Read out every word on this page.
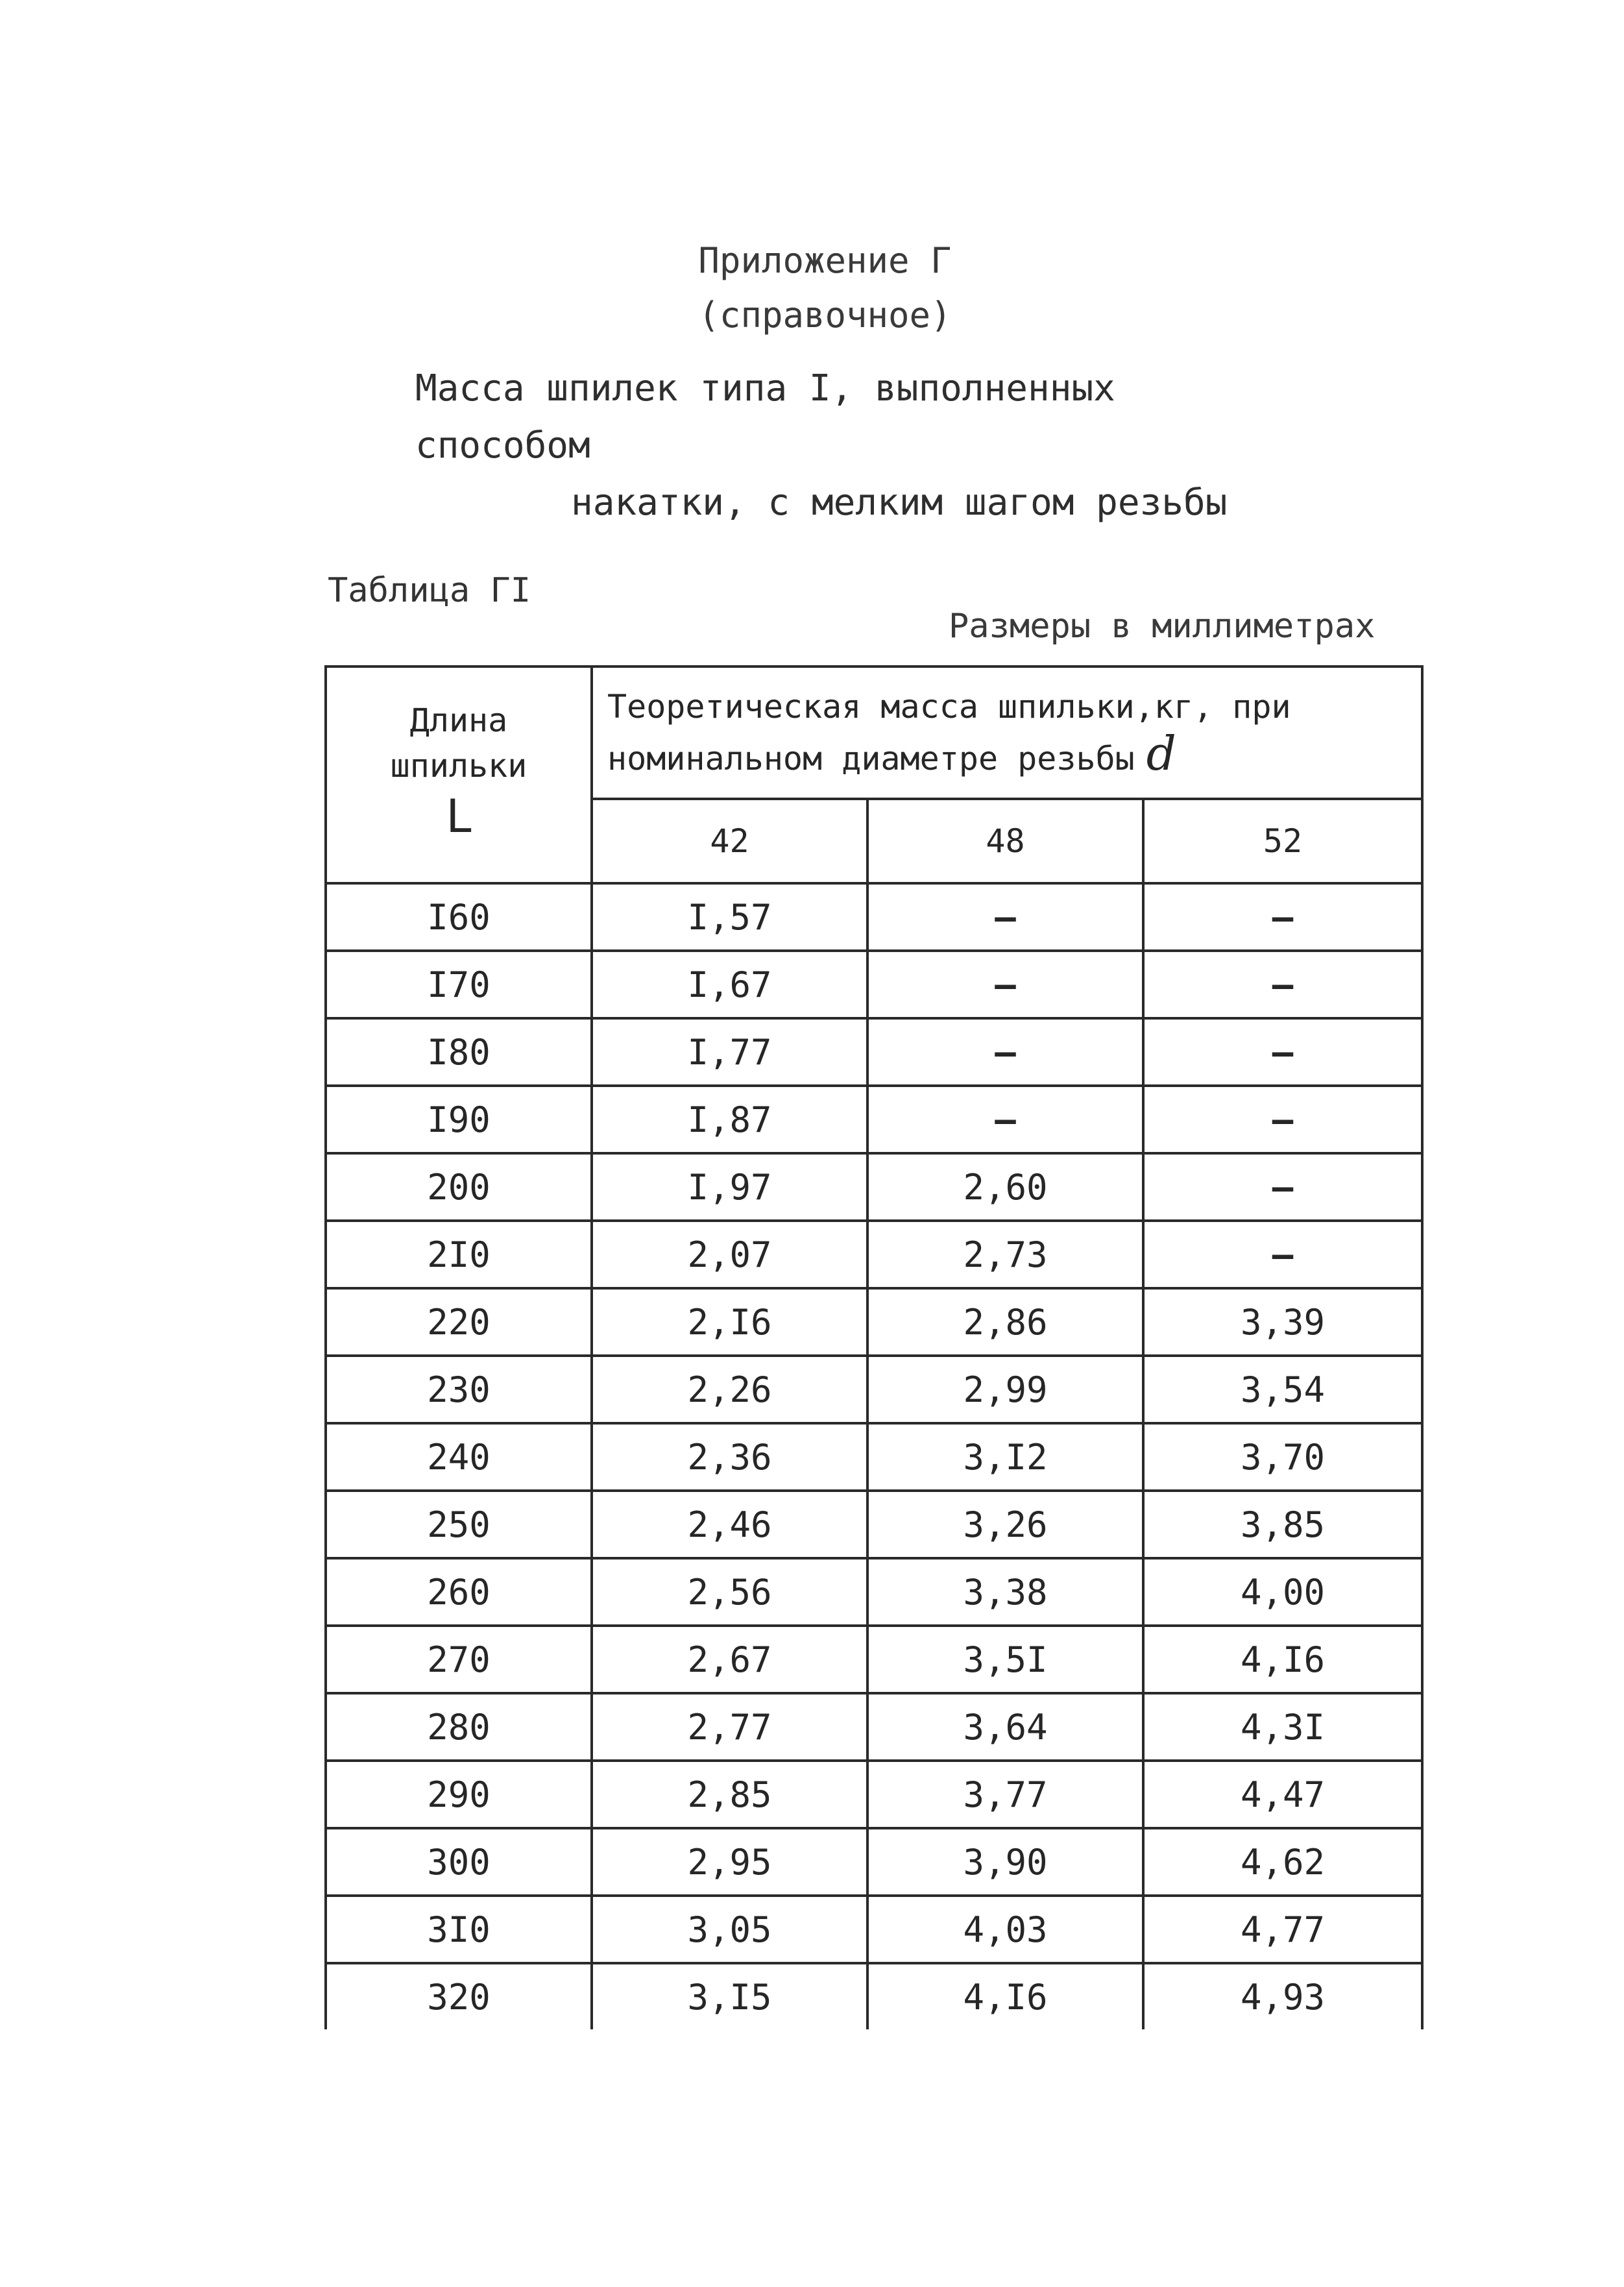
Приложение Г
(справочное)
Масса шпилек типа I, выполненных способом
накатки, с мелким шагом резьбы
Таблица ГI
Размеры в миллиметрах
Длина
шпильки
L	Теоретическая масса шпильки,кг, при
номинальном диаметре резьбы d		
	42	48	52
I60	I,57	–	–
I70	I,67	–	–
I80	I,77	–	–
I90	I,87	–	–
200	I,97	2,60	–
2I0	2,07	2,73	–
220	2,I6	2,86	3,39
230	2,26	2,99	3,54
240	2,36	3,I2	3,70
250	2,46	3,26	3,85
260	2,56	3,38	4,00
270	2,67	3,5I	4,I6
280	2,77	3,64	4,3I
290	2,85	3,77	4,47
300	2,95	3,90	4,62
3I0	3,05	4,03	4,77
320	3,I5	4,I6	4,93
